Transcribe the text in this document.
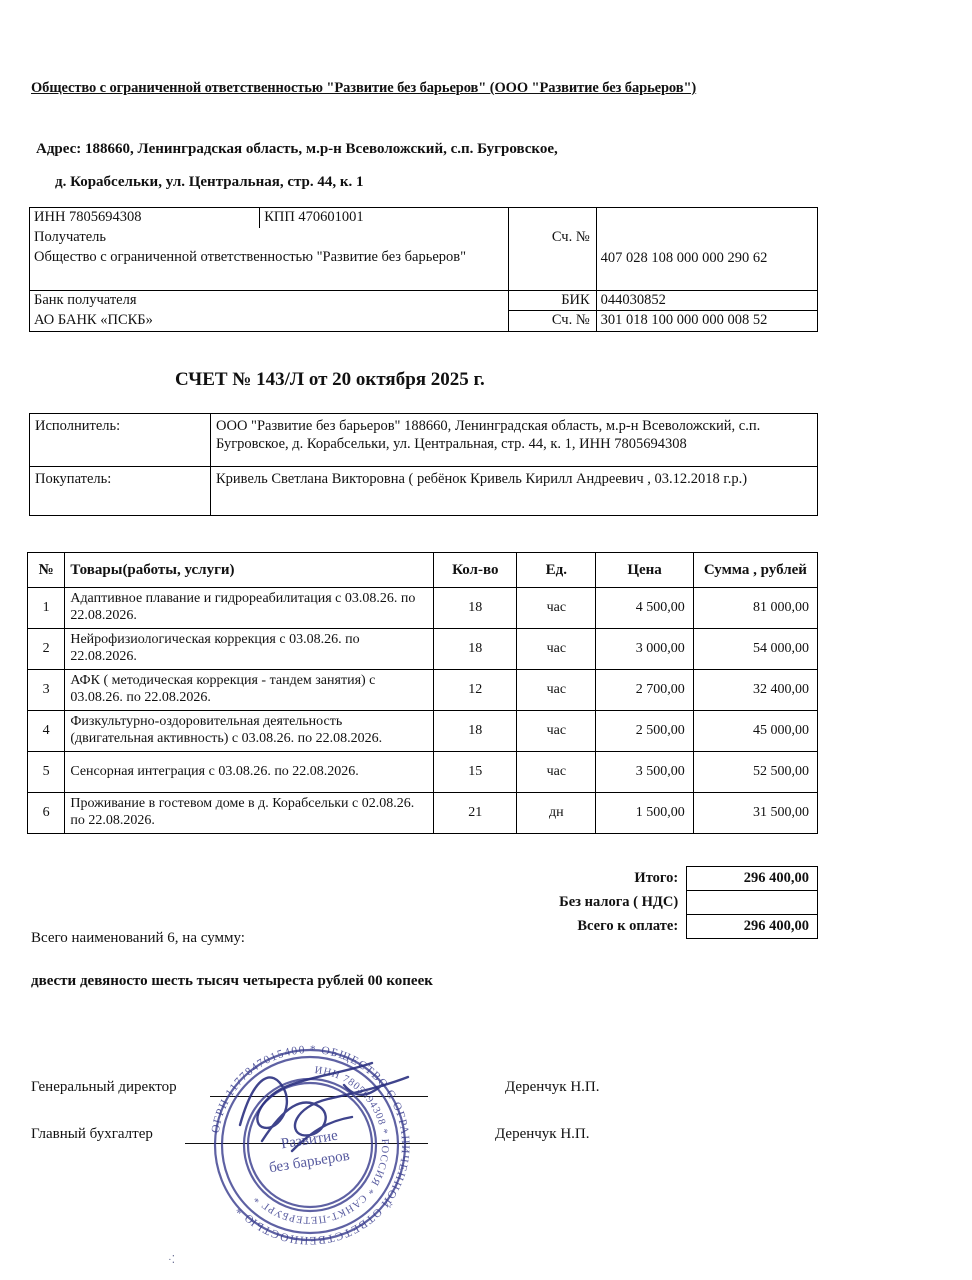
Общество с ограниченной ответственностью "Развитие без барьеров" (ООО "Развитие без барьеров")
Адрес: 188660, Ленинградская область, м.р-н Всеволожский, с.п. Бугровское,
д. Корабсельки, ул. Центральная, стр. 44, к. 1
ИНН 7805694308	КПП 470601001		
Получатель		Сч. №	407 028 108 000 000 290 62
Общество с ограниченной ответственностью "Развитие без барьеров"			
Банк получателя		БИК	044030852
АО БАНК «ПСКБ»		Сч. №	301 018 100 000 000 008 52
СЧЕТ № 143/Л от 20 октября 2025 г.
Исполнитель:	ООО "Развитие без барьеров" 188660, Ленинградская область, м.р-н Всеволожский, с.п. Бугровское, д. Корабсельки, ул. Центральная, стр. 44, к. 1, ИНН 7805694308
Покупатель:	Кривель Светлана Викторовна ( ребёнок Кривель Кирилл Андреевич , 03.12.2018 г.р.)
№	Товары(работы, услуги)	Кол-во	Ед.	Цена	Сумма , рублей
1	Адаптивное плавание и гидрореабилитация с 03.08.26. по 22.08.2026.	18	час	4 500,00	81 000,00
2	Нейрофизиологическая коррекция с 03.08.26. по 22.08.2026.	18	час	3 000,00	54 000,00
3	АФК ( методическая коррекция - тандем занятия) с 03.08.26. по 22.08.2026.	12	час	2 700,00	32 400,00
4	Физкультурно-оздоровительная деятельность (двигательная активность) с 03.08.26. по 22.08.2026.	18	час	2 500,00	45 000,00
5	Сенсорная интеграция с 03.08.26. по 22.08.2026.	15	час	3 500,00	52 500,00
6	Проживание в гостевом доме в д. Корабсельки с 02.08.26. по 22.08.2026.	21	дн	1 500,00	31 500,00
Итого:	296 400,00
Без налога ( НДС)	
Всего к оплате:	296 400,00
Всего наименований 6, на сумму:
двести девяносто шесть тысяч четыреста рублей 00 копеек
Генеральный директор	Деренчук Н.П.
Главный бухгалтер	Деренчук Н.П.
ОГРН 1177847015400 * ОБЩЕСТВО С ОГРАНИЧЕННОЙ ОТВЕТСТВЕННОСТЬЮ *
ИНН 7805694308 * РОССИЯ * САНКТ-ПЕТЕРБУРГ *
Развитие
без барьеров
·⁚
